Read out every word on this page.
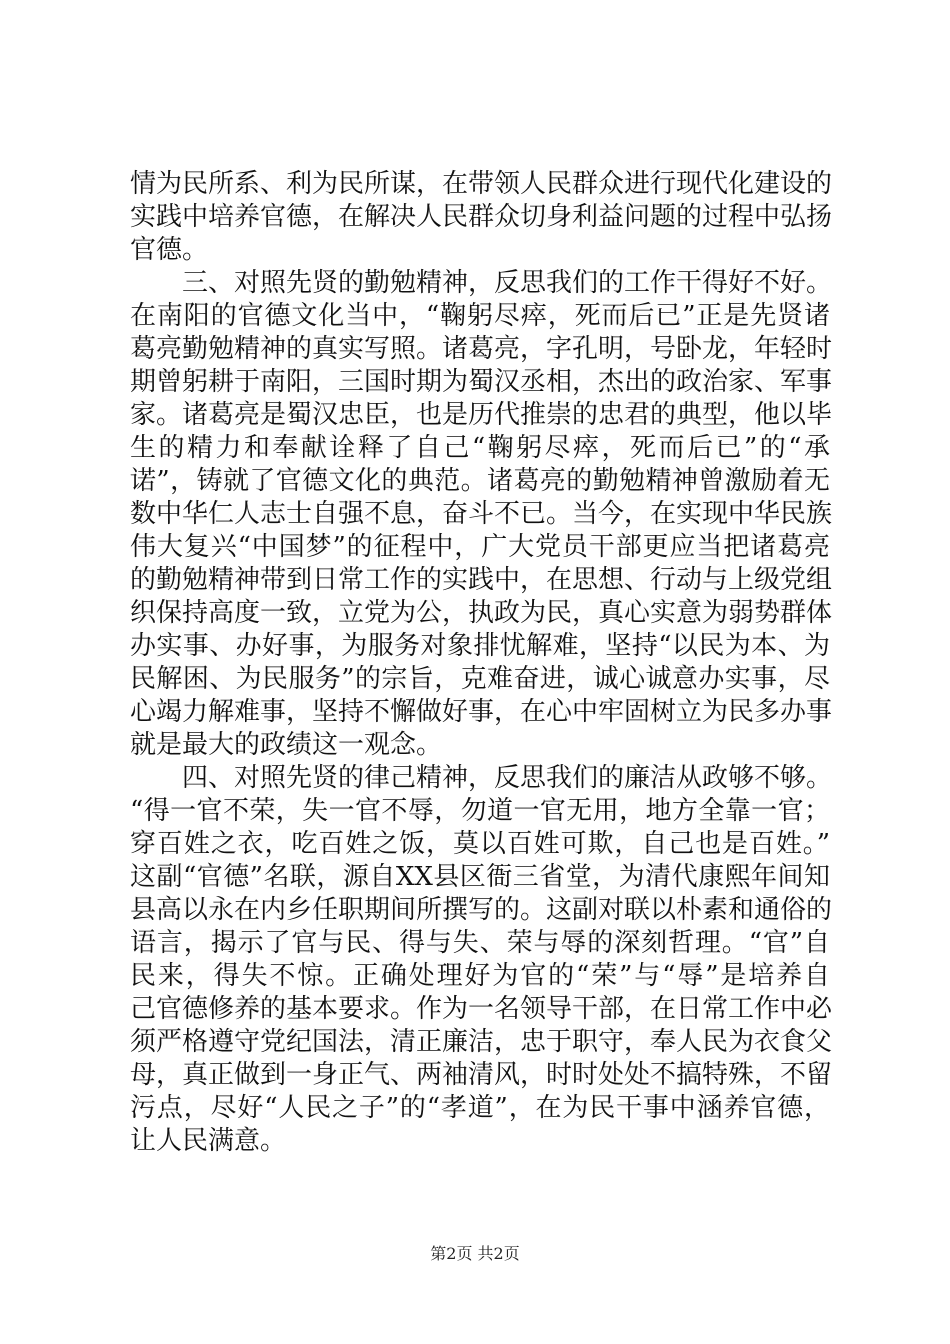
情为民所系、利为民所谋，在带领人民群众进行现代化建设的
实践中培养官德，在解决人民群众切身利益问题的过程中弘扬
官德。
三、对照先贤的勤勉精神，反思我们的工作干得好不好。
在南阳的官德文化当中，“鞠躬尽瘁，死而后已”正是先贤诸
葛亮勤勉精神的真实写照。诸葛亮，字孔明，号卧龙，年轻时
期曾躬耕于南阳，三国时期为蜀汉丞相，杰出的政治家、军事
家。诸葛亮是蜀汉忠臣，也是历代推崇的忠君的典型，他以毕
生的精力和奉献诠释了自己“鞠躬尽瘁，死而后已”的“承
诺”，铸就了官德文化的典范。诸葛亮的勤勉精神曾激励着无
数中华仁人志士自强不息，奋斗不已。当今，在实现中华民族
伟大复兴“中国梦”的征程中，广大党员干部更应当把诸葛亮
的勤勉精神带到日常工作的实践中，在思想、行动与上级党组
织保持高度一致，立党为公，执政为民，真心实意为弱势群体
办实事、办好事，为服务对象排忧解难，坚持“以民为本、为
民解困、为民服务”的宗旨，克难奋进，诚心诚意办实事，尽
心竭力解难事，坚持不懈做好事，在心中牢固树立为民多办事
就是最大的政绩这一观念。
四、对照先贤的律己精神，反思我们的廉洁从政够不够。
“得一官不荣，失一官不辱，勿道一官无用，地方全靠一官；
穿百姓之衣，吃百姓之饭，莫以百姓可欺，自己也是百姓。”
这副“官德”名联，源自XX县区衙三省堂，为清代康熙年间知
县高以永在内乡任职期间所撰写的。这副对联以朴素和通俗的
语言，揭示了官与民、得与失、荣与辱的深刻哲理。“官”自
民来，得失不惊。正确处理好为官的“荣”与“辱”是培养自
己官德修养的基本要求。作为一名领导干部，在日常工作中必
须严格遵守党纪国法，清正廉洁，忠于职守，奉人民为衣食父
母，真正做到一身正气、两袖清风，时时处处不搞特殊，不留
污点，尽好“人民之子”的“孝道”，在为民干事中涵养官德，
让人民满意。
第2页 共2页
